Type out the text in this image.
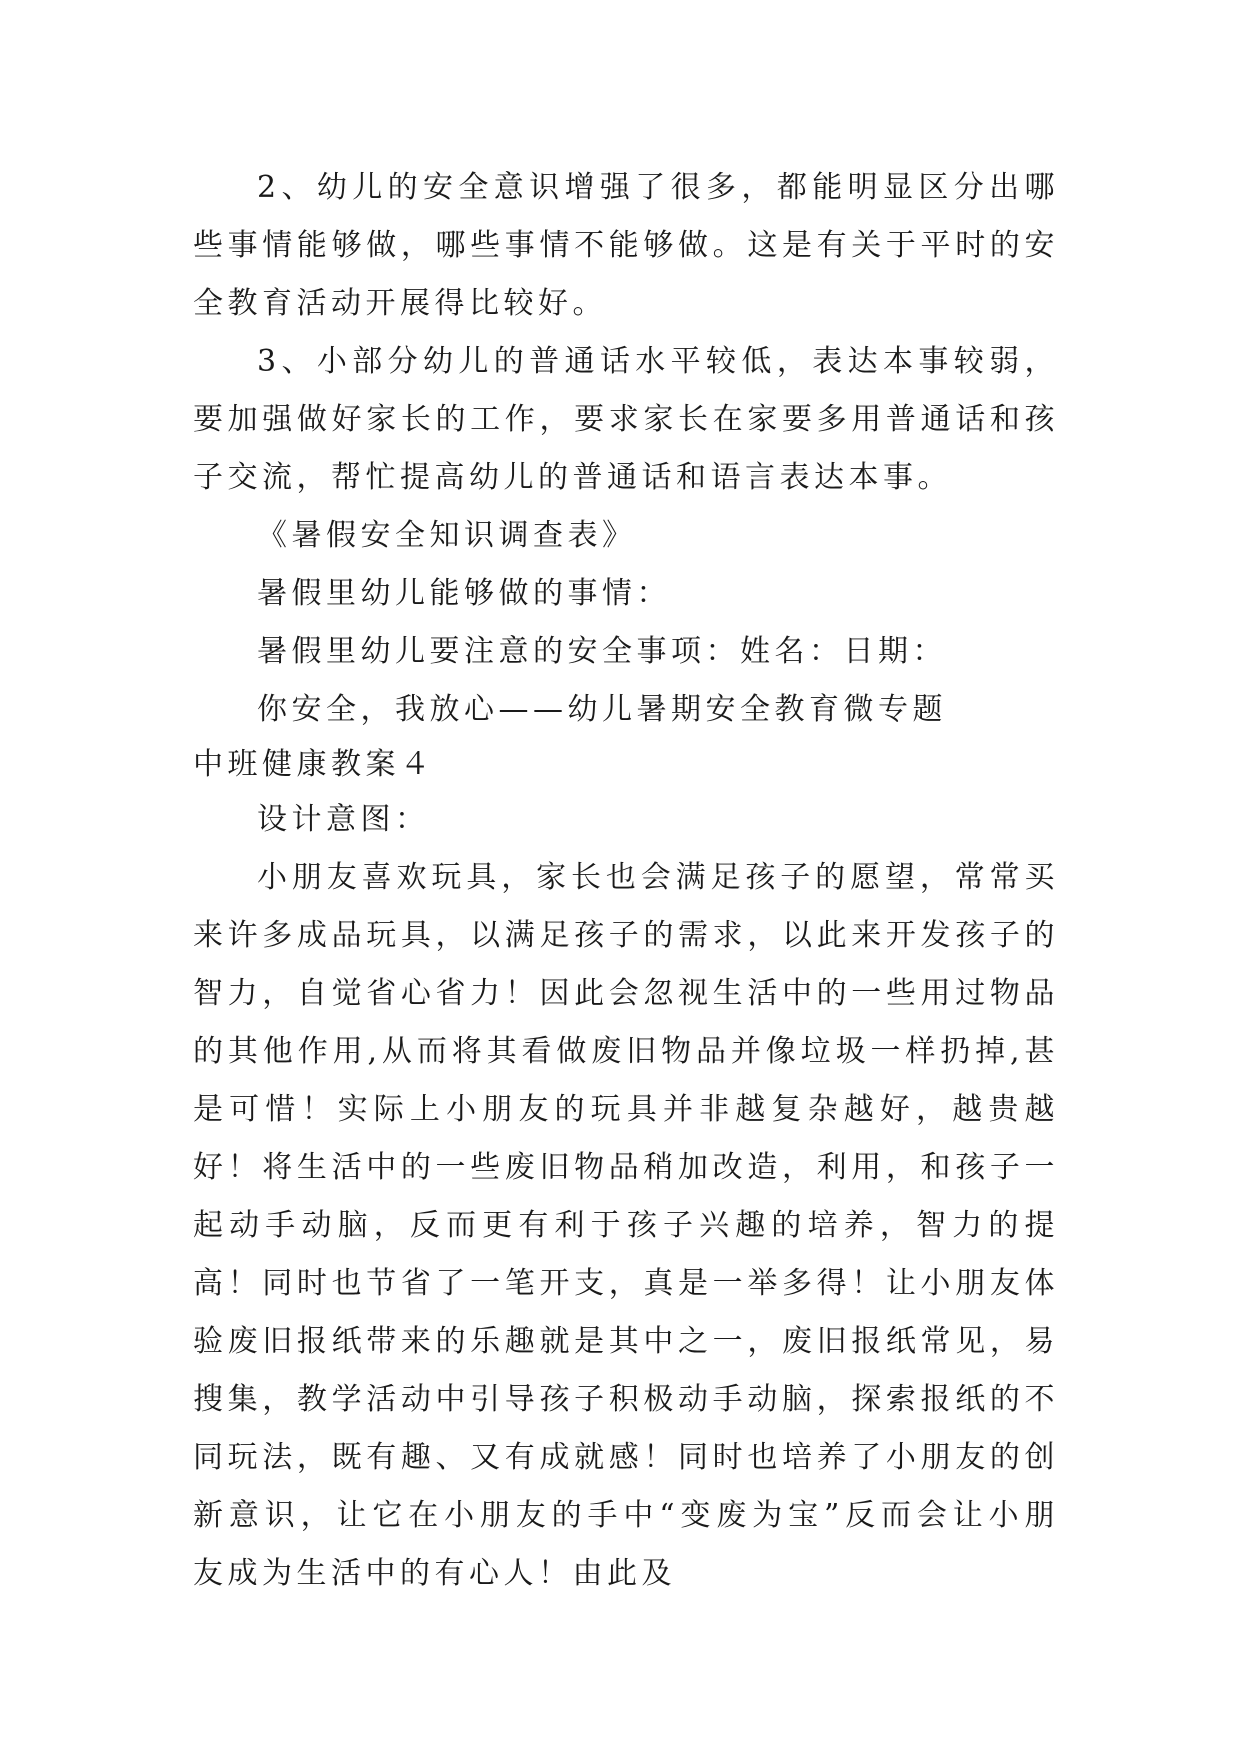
2、幼儿的安全意识增强了很多，都能明显区分出哪些事情能够做，哪些事情不能够做。这是有关于平时的安全教育活动开展得比较好。

3、小部分幼儿的普通话水平较低，表达本事较弱，要加强做好家长的工作，要求家长在家要多用普通话和孩子交流，帮忙提高幼儿的普通话和语言表达本事。

《暑假安全知识调查表》

暑假里幼儿能够做的事情：

暑假里幼儿要注意的安全事项：姓名：日期：

你安全，我放心——幼儿暑期安全教育微专题

中班健康教案４

设计意图：

小朋友喜欢玩具，家长也会满足孩子的愿望，常常买来许多成品玩具，以满足孩子的需求，以此来开发孩子的智力，自觉省心省力！因此会忽视生活中的一些用过物品的其他作用,从而将其看做废旧物品并像垃圾一样扔掉,甚是可惜！实际上小朋友的玩具并非越复杂越好，越贵越好！将生活中的一些废旧物品稍加改造，利用，和孩子一起动手动脑，反而更有利于孩子兴趣的培养，智力的提高！同时也节省了一笔开支，真是一举多得！让小朋友体验废旧报纸带来的乐趣就是其中之一，废旧报纸常见，易搜集，教学活动中引导孩子积极动手动脑，探索报纸的不同玩法，既有趣、又有成就感！同时也培养了小朋友的创新意识，让它在小朋友的手中“变废为宝”反而会让小朋友成为生活中的有心人！由此及
